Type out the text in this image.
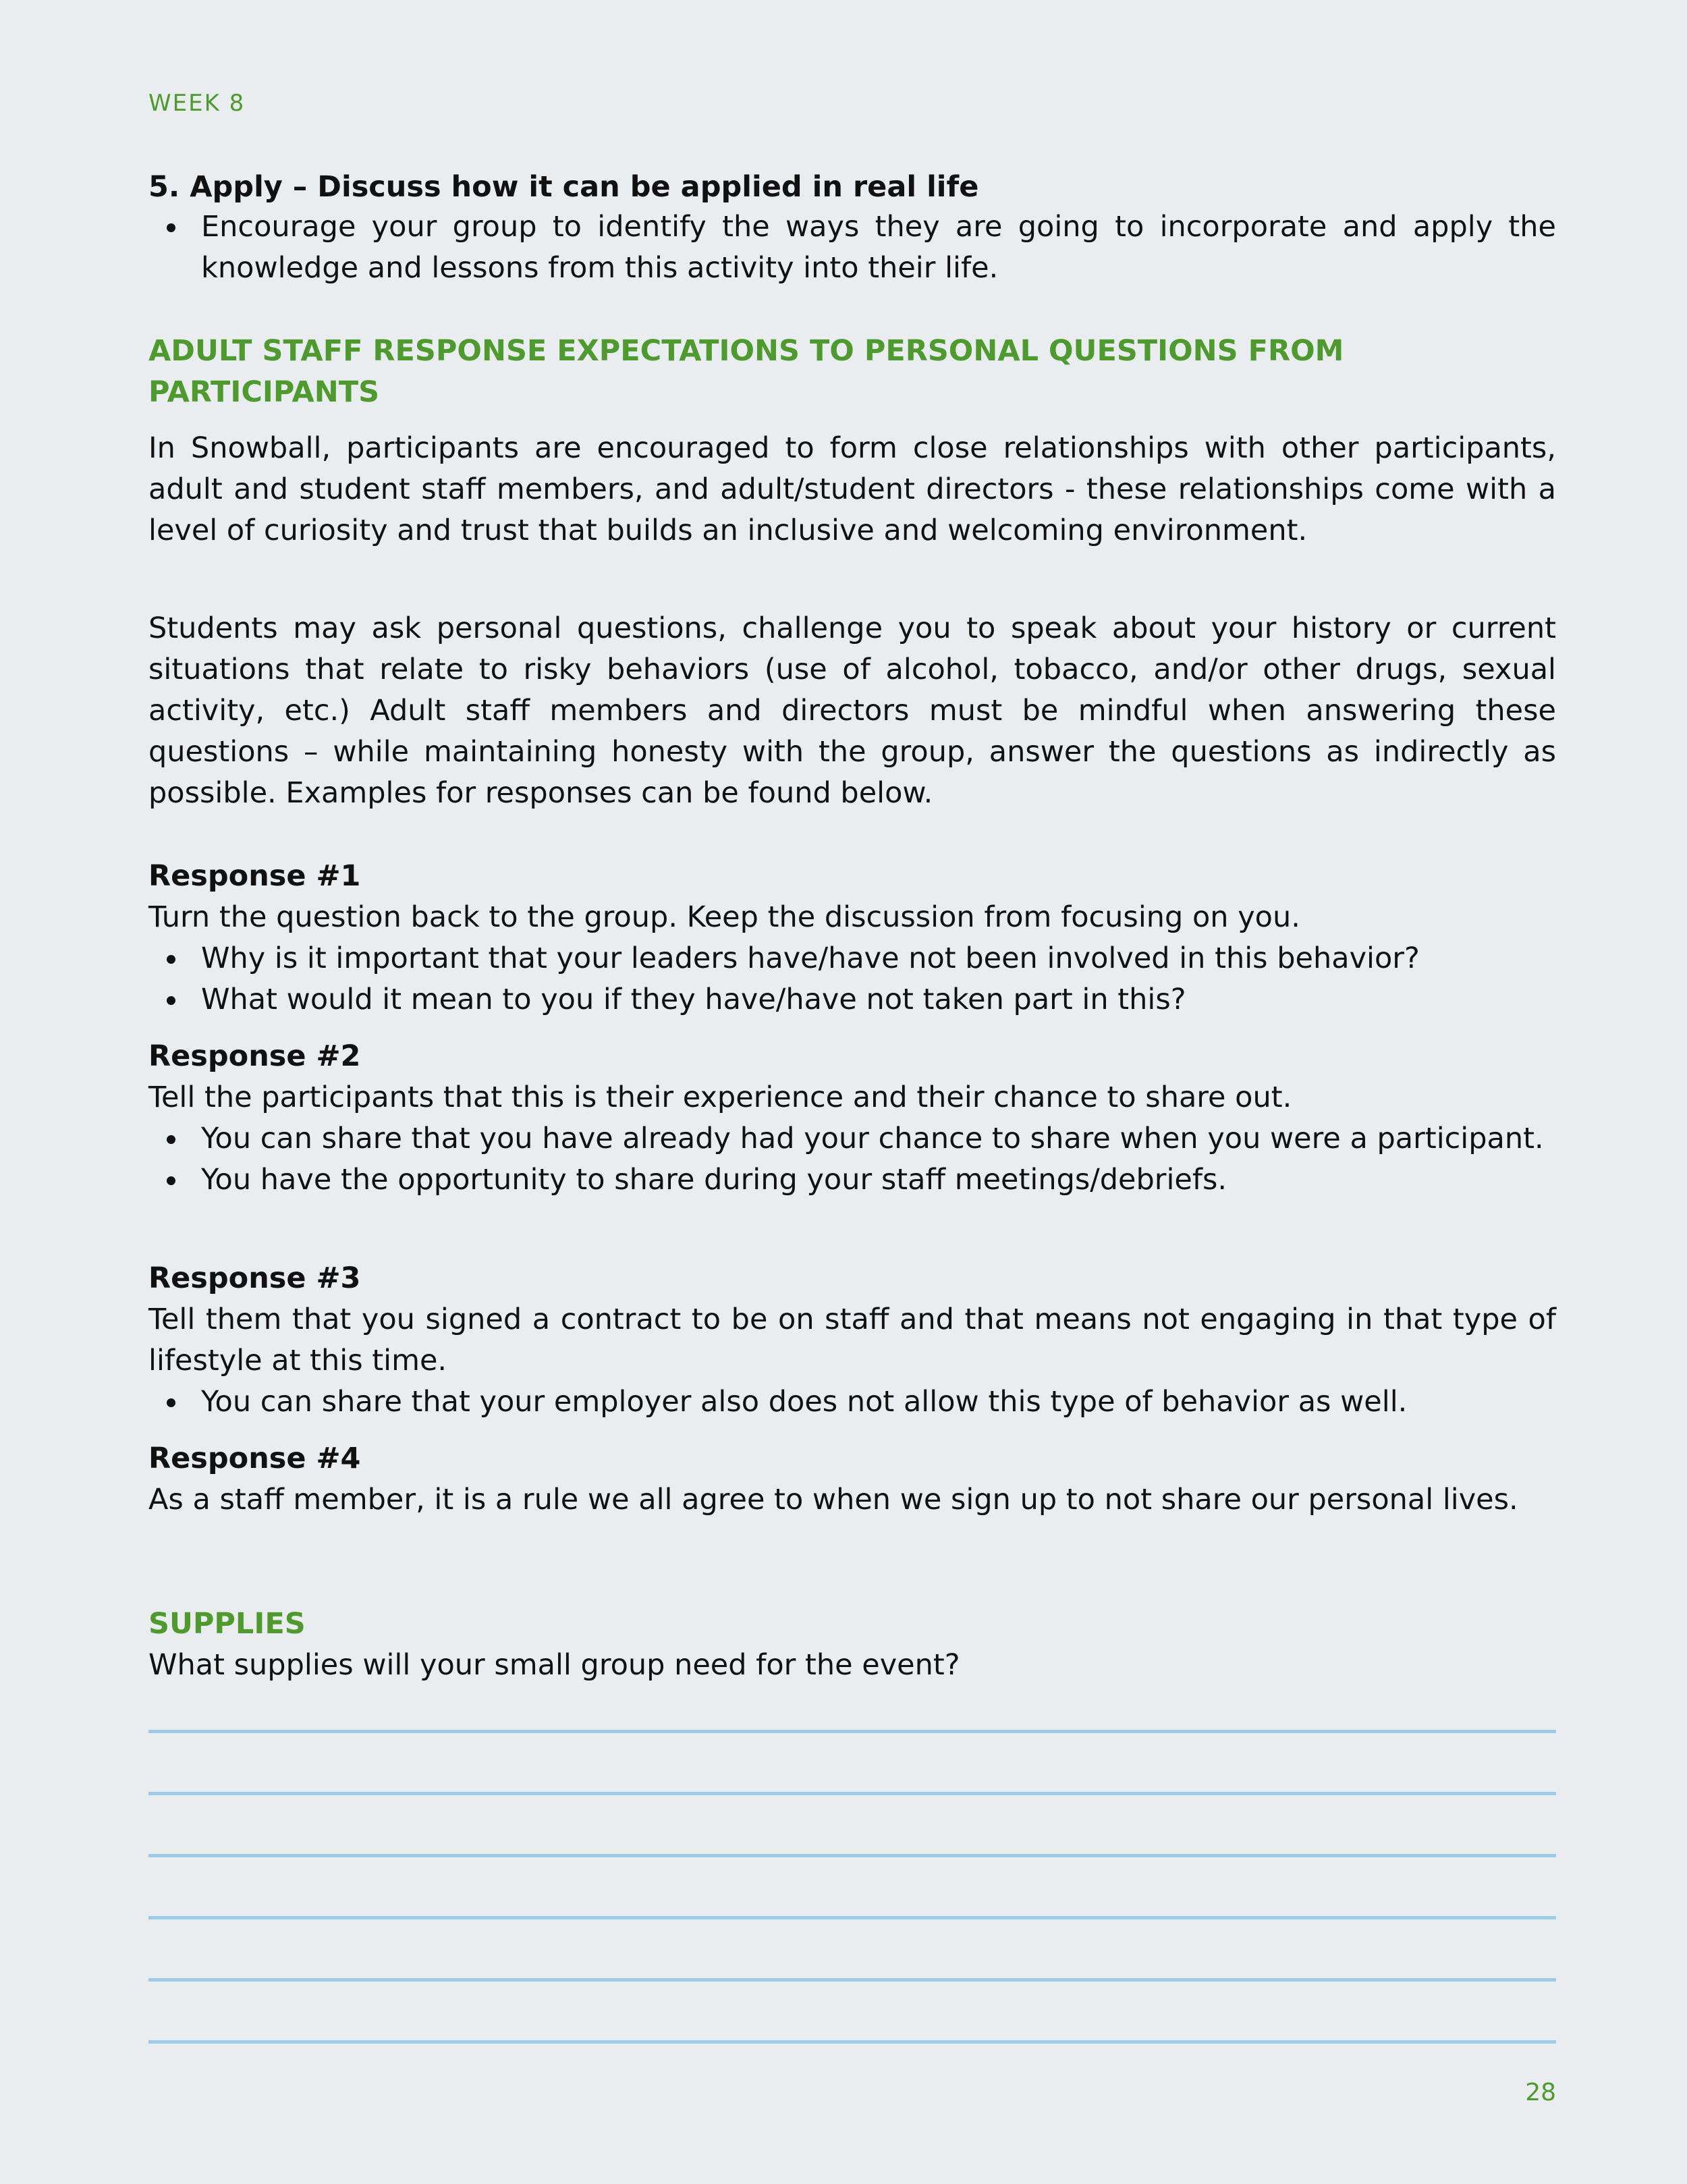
WEEK 8
5. Apply – Discuss how it can be applied in real life
Encourage your group to identify the ways they are going to incorporate and apply the knowledge and lessons from this activity into their life.
ADULT STAFF RESPONSE EXPECTATIONS TO PERSONAL QUESTIONS FROM PARTICIPANTS
In Snowball, participants are encouraged to form close relationships with other participants, adult and student staff members, and adult/student directors - these relationships come with a level of curiosity and trust that builds an inclusive and welcoming environment.
Students may ask personal questions, challenge you to speak about your history or current situations that relate to risky behaviors (use of alcohol, tobacco, and/or other drugs, sexual activity, etc.) Adult staff members and directors must be mindful when answering these questions – while maintaining honesty with the group, answer the questions as indirectly as possible. Examples for responses can be found below.
Response #1
Turn the question back to the group. Keep the discussion from focusing on you.
Why is it important that your leaders have/have not been involved in this behavior?
What would it mean to you if they have/have not taken part in this?
Response #2
Tell the participants that this is their experience and their chance to share out.
You can share that you have already had your chance to share when you were a participant.
You have the opportunity to share during your staff meetings/debriefs.
Response #3
Tell them that you signed a contract to be on staff and that means not engaging in that type of lifestyle at this time.
You can share that your employer also does not allow this type of behavior as well.
Response #4
As a staff member, it is a rule we all agree to when we sign up to not share our personal lives.
SUPPLIES
What supplies will your small group need for the event?
28
